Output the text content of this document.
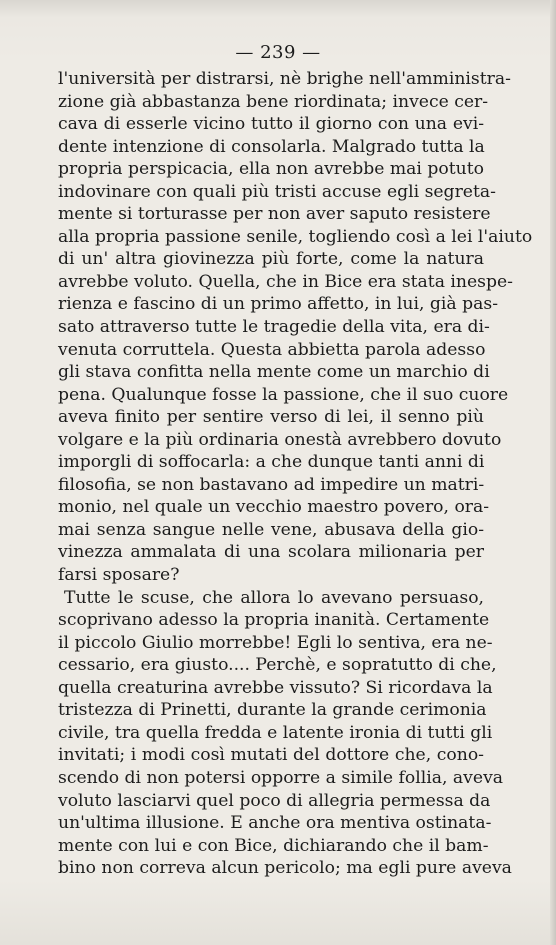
— 239 —
l'università per distrarsi, nè brighe nell'amministra-
zione già abbastanza bene riordinata; invece cer-
cava di esserle vicino tutto il giorno con una evi-
dente intenzione di consolarla. Malgrado tutta la
propria perspicacia, ella non avrebbe mai potuto
indovinare con quali più tristi accuse egli segreta-
mente si torturasse per non aver saputo resistere
alla propria passione senile, togliendo così a lei l'aiuto
di un' altra giovinezza più forte, come la natura
avrebbe voluto. Quella, che in Bice era stata inespe-
rienza e fascino di un primo affetto, in lui, già pas-
sato attraverso tutte le tragedie della vita, era di-
venuta corruttela. Questa abbietta parola adesso
gli stava confitta nella mente come un marchio di
pena. Qualunque fosse la passione, che il suo cuore
aveva finito per sentire verso di lei, il senno più
volgare e la più ordinaria onestà avrebbero dovuto
imporgli di soffocarla: a che dunque tanti anni di
filosofia, se non bastavano ad impedire un matri-
monio, nel quale un vecchio maestro povero, ora-
mai senza sangue nelle vene, abusava della gio-
vinezza ammalata di una scolara milionaria per
farsi sposare?
Tutte le scuse, che allora lo avevano persuaso,
scoprivano adesso la propria inanità. Certamente
il piccolo Giulio morrebbe! Egli lo sentiva, era ne-
cessario, era giusto.... Perchè, e sopratutto di che,
quella creaturina avrebbe vissuto? Si ricordava la
tristezza di Prinetti, durante la grande cerimonia
civile, tra quella fredda e latente ironia di tutti gli
invitati; i modi così mutati del dottore che, cono-
scendo di non potersi opporre a simile follia, aveva
voluto lasciarvi quel poco di allegria permessa da
un'ultima illusione. E anche ora mentiva ostinata-
mente con lui e con Bice, dichiarando che il bam-
bino non correva alcun pericolo; ma egli pure aveva
